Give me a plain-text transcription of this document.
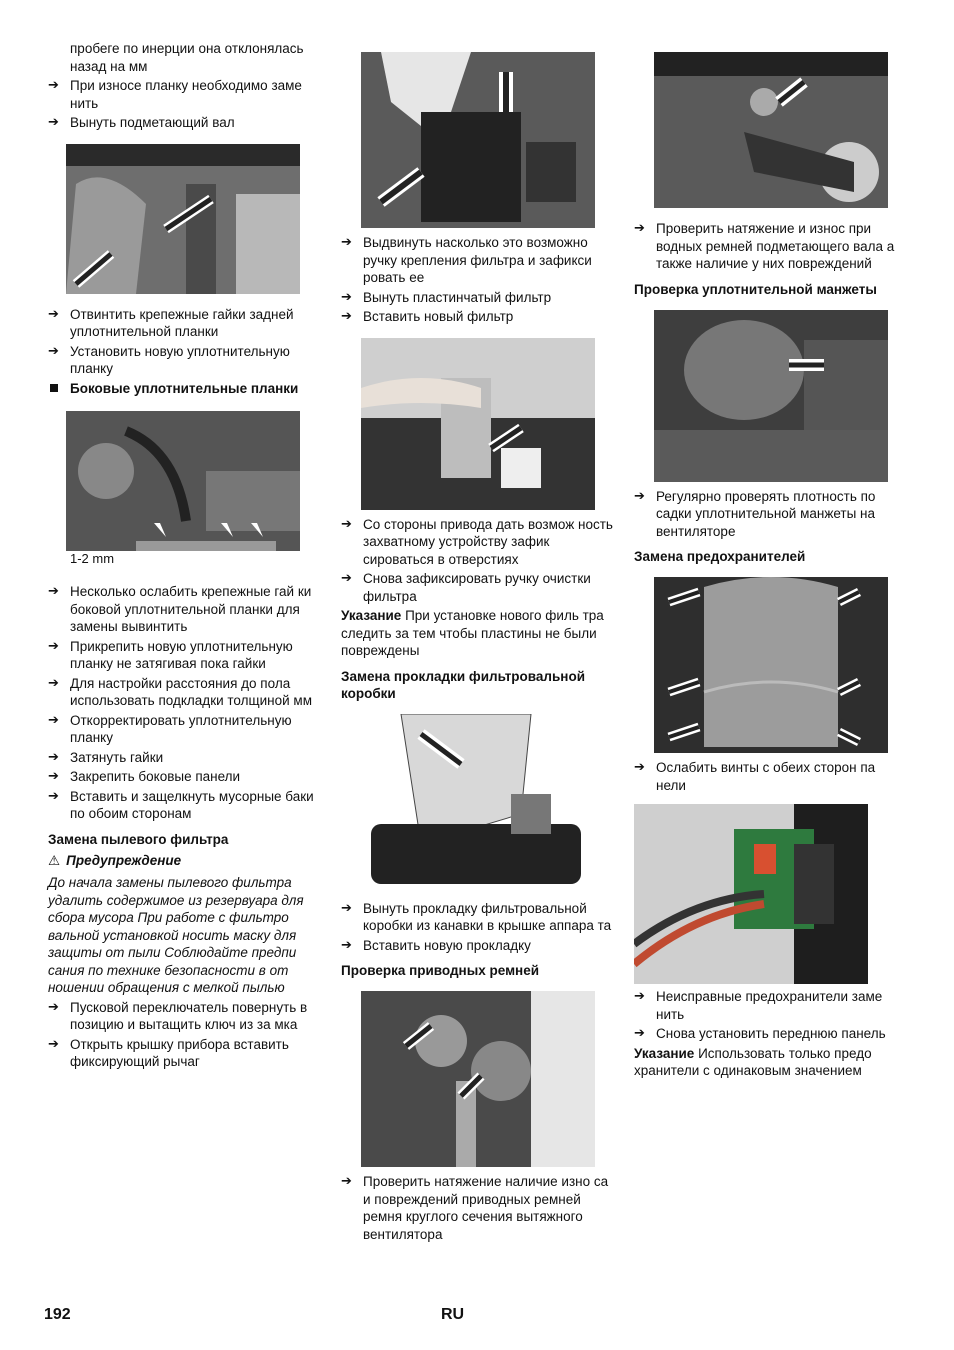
пробеге по инерции она отклонялась назад на мм

➔ При износе планку необходимо заме нить

➔ Вынуть подметающий вал

➔ Отвинтить крепежные гайки задней уплотнительной планки

➔ Установить новую уплотнительную планку

Боковые уплотнительные планки

1-2 mm

➔ Несколько ослабить крепежные гай ки боковой уплотнительной планки для замены вывинтить

➔ Прикрепить новую уплотнительную планку не затягивая пока гайки

➔ Для настройки расстояния до пола использовать подкладки толщиной мм

➔ Откорректировать уплотнительную планку

➔ Затянуть гайки

➔ Закрепить боковые панели

➔ Вставить и защелкнуть мусорные баки по обоим сторонам

Замена пылевого фильтра

⚠ Предупреждение

До начала замены пылевого фильтра удалить содержимое из резервуара для сбора мусора При работе с фильтро вальной установкой носить маску для защиты от пыли Соблюдайте предпи сания по технике безопасности в от ношении обращения с мелкой пылью

➔ Пусковой переключатель повернуть в позицию и вытащить ключ из за мка

➔ Открыть крышку прибора вставить фиксирующий рычаг

➔ Выдвинуть насколько это возможно ручку крепления фильтра и зафикси ровать ее

➔ Вынуть пластинчатый фильтр

➔ Вставить новый фильтр

➔ Со стороны привода дать возмож ность захватному устройству зафик сироваться в отверстиях

➔ Снова зафиксировать ручку очистки фильтра

Указание При установке нового филь тра следить за тем чтобы пластины не были повреждены

Замена прокладки фильтровальной коробки

➔ Вынуть прокладку фильтровальной коробки из канавки в крышке аппара та

➔ Вставить новую прокладку

Проверка приводных ремней

➔ Проверить натяжение наличие изно са и повреждений приводных ремней ремня круглого сечения вытяжного вентилятора

➔ Проверить натяжение и износ при водных ремней подметающего вала а также наличие у них повреждений

Проверка уплотнительной манжеты

➔ Регулярно проверять плотность по садки уплотнительной манжеты на вентиляторе

Замена предохранителей

➔ Ослабить винты с обеих сторон па нели

➔ Неисправные предохранители заме нить

➔ Снова установить переднюю панель

Указание Использовать только предо хранители с одинаковым значением

192	RU
